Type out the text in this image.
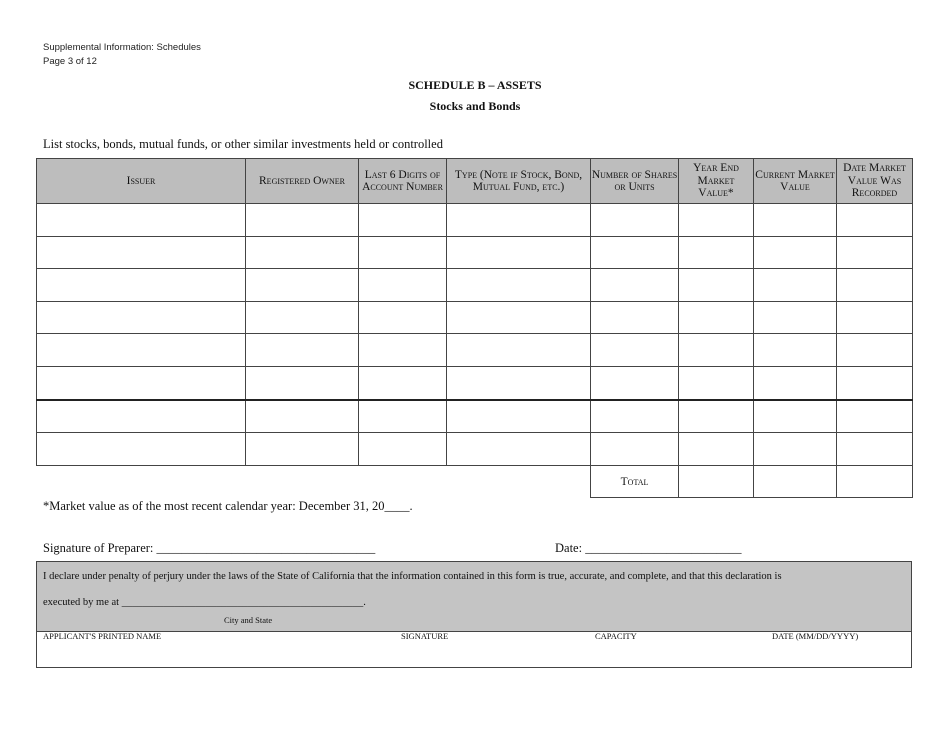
Supplemental Information: Schedules
Page 3 of 12
SCHEDULE B – ASSETS
Stocks and Bonds
List stocks, bonds, mutual funds, or other similar investments held or controlled
Issuer	Registered Owner	Last 6 Digits of Account Number	Type (Note if Stock, Bond, Mutual Fund, etc.)	Number of Shares or Units	Year End Market Value*	Current Market Value	Date Market Value Was Recorded

				Total			
*Market value as of the most recent calendar year: December 31, 20____.
Signature of Preparer: ___________________________________	Date: _________________________
I declare under penalty of perjury under the laws of the State of California that the information contained in this form is true, accurate, and complete, and that this declaration is
executed by me at ______________________________________________.
City and State
APPLICANT'S PRINTED NAME	SIGNATURE	CAPACITY	DATE (MM/DD/YYYY)
